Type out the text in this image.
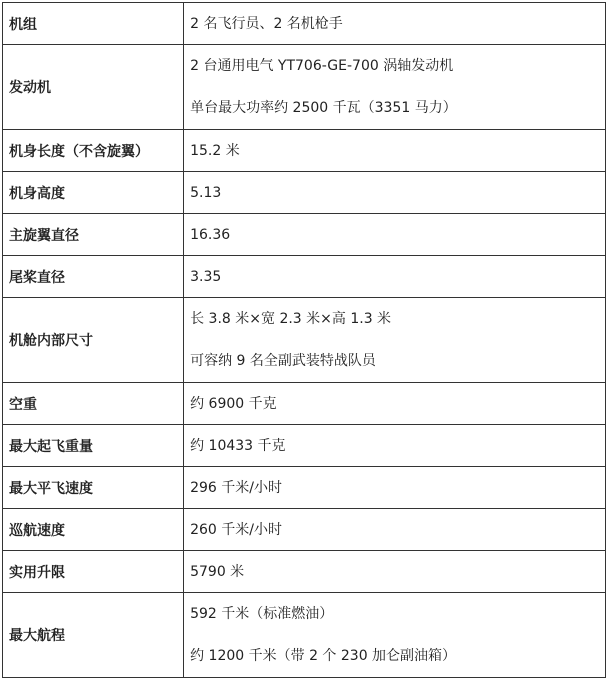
机组	2 名飞行员、2 名机枪手

发动机	2 台通用电气 YT706-GE-700 涡轴发动机
单台最大功率约 2500 千瓦（3351 马力）

机身长度（不含旋翼）	15.2 米

机身高度	5.13

主旋翼直径	16.36

尾桨直径	3.35

机舱内部尺寸	长 3.8 米×宽 2.3 米×高 1.3 米
可容纳 9 名全副武装特战队员

空重	约 6900 千克

最大起飞重量	约 10433 千克

最大平飞速度	296 千米/小时

巡航速度	260 千米/小时

实用升限	5790 米

最大航程	592 千米（标准燃油）
约 1200 千米（带 2 个 230 加仑副油箱）
